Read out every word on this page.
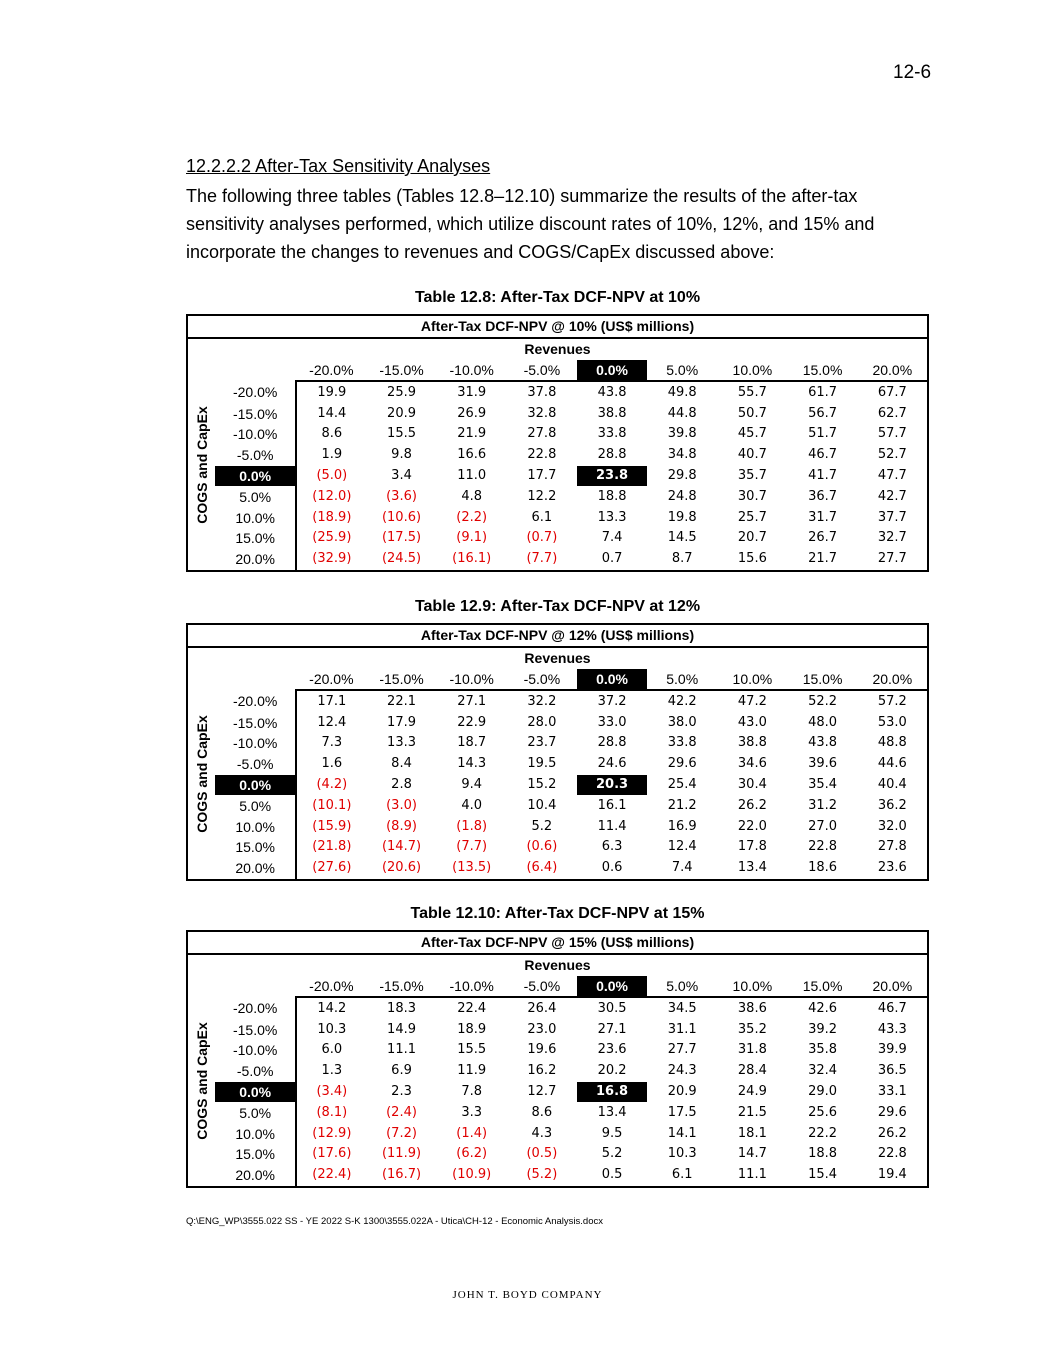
12-6
12.2.2.2 After-Tax Sensitivity Analyses
The following three tables (Tables 12.8–12.10) summarize the results of the after-tax sensitivity analyses performed, which utilize discount rates of 10%, 12%, and 15% and incorporate the changes to revenues and COGS/CapEx discussed above:
Table 12.8: After-Tax DCF-NPV at 10%
After-Tax DCF-NPV @ 10% (US$ millions)										
Revenues										

COGS and CapEx		-20.0%	-15.0%	-10.0%	-5.0%	0.0%	5.0%	10.0%	15.0%	20.0%
	-20.0%	19.9	25.9	31.9	37.8	43.8	49.8	55.7	61.7	67.7
	-15.0%	14.4	20.9	26.9	32.8	38.8	44.8	50.7	56.7	62.7
	-10.0%	8.6	15.5	21.9	27.8	33.8	39.8	45.7	51.7	57.7
	-5.0%	1.9	9.8	16.6	22.8	28.8	34.8	40.7	46.7	52.7
	0.0%	(5.0)	3.4	11.0	17.7	23.8	29.8	35.7	41.7	47.7
	5.0%	(12.0)	(3.6)	4.8	12.2	18.8	24.8	30.7	36.7	42.7
	10.0%	(18.9)	(10.6)	(2.2)	6.1	13.3	19.8	25.7	31.7	37.7
	15.0%	(25.9)	(17.5)	(9.1)	(0.7)	7.4	14.5	20.7	26.7	32.7
	20.0%	(32.9)	(24.5)	(16.1)	(7.7)	0.7	8.7	15.6	21.7	27.7
Table 12.9: After-Tax DCF-NPV at 12%
After-Tax DCF-NPV @ 12% (US$ millions)										
Revenues										

COGS and CapEx		-20.0%	-15.0%	-10.0%	-5.0%	0.0%	5.0%	10.0%	15.0%	20.0%
	-20.0%	17.1	22.1	27.1	32.2	37.2	42.2	47.2	52.2	57.2
	-15.0%	12.4	17.9	22.9	28.0	33.0	38.0	43.0	48.0	53.0
	-10.0%	7.3	13.3	18.7	23.7	28.8	33.8	38.8	43.8	48.8
	-5.0%	1.6	8.4	14.3	19.5	24.6	29.6	34.6	39.6	44.6
	0.0%	(4.2)	2.8	9.4	15.2	20.3	25.4	30.4	35.4	40.4
	5.0%	(10.1)	(3.0)	4.0	10.4	16.1	21.2	26.2	31.2	36.2
	10.0%	(15.9)	(8.9)	(1.8)	5.2	11.4	16.9	22.0	27.0	32.0
	15.0%	(21.8)	(14.7)	(7.7)	(0.6)	6.3	12.4	17.8	22.8	27.8
	20.0%	(27.6)	(20.6)	(13.5)	(6.4)	0.6	7.4	13.4	18.6	23.6
Table 12.10: After-Tax DCF-NPV at 15%
After-Tax DCF-NPV @ 15% (US$ millions)										
Revenues										

COGS and CapEx		-20.0%	-15.0%	-10.0%	-5.0%	0.0%	5.0%	10.0%	15.0%	20.0%
	-20.0%	14.2	18.3	22.4	26.4	30.5	34.5	38.6	42.6	46.7
	-15.0%	10.3	14.9	18.9	23.0	27.1	31.1	35.2	39.2	43.3
	-10.0%	6.0	11.1	15.5	19.6	23.6	27.7	31.8	35.8	39.9
	-5.0%	1.3	6.9	11.9	16.2	20.2	24.3	28.4	32.4	36.5
	0.0%	(3.4)	2.3	7.8	12.7	16.8	20.9	24.9	29.0	33.1
	5.0%	(8.1)	(2.4)	3.3	8.6	13.4	17.5	21.5	25.6	29.6
	10.0%	(12.9)	(7.2)	(1.4)	4.3	9.5	14.1	18.1	22.2	26.2
	15.0%	(17.6)	(11.9)	(6.2)	(0.5)	5.2	10.3	14.7	18.8	22.8
	20.0%	(22.4)	(16.7)	(10.9)	(5.2)	0.5	6.1	11.1	15.4	19.4
Q:\ENG_WP\3555.022 SS - YE 2022 S-K 1300\3555.022A - Utica\CH-12 - Economic Analysis.docx
JOHN T. BOYD COMPANY
